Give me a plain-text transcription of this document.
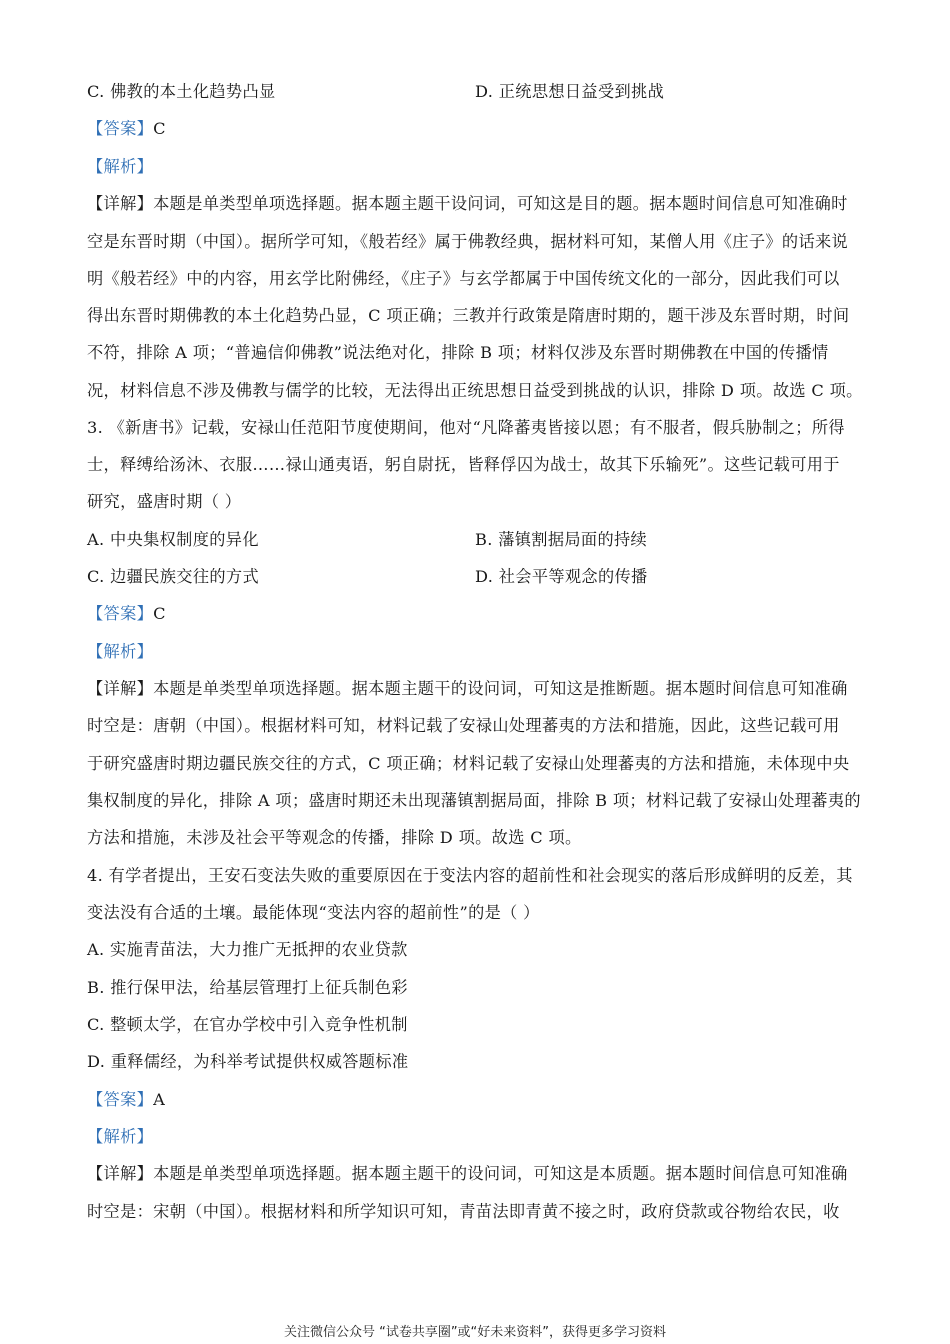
C. 佛教的本土化趋势凸显	D. 正统思想日益受到挑战
【答案】C
【解析】
【详解】本题是单类型单项选择题。据本题主题干设问词，可知这是目的题。据本题时间信息可知准确时
空是东晋时期（中国）。据所学可知，《般若经》属于佛教经典，据材料可知，某僧人用《庄子》的话来说
明《般若经》中的内容，用玄学比附佛经，《庄子》与玄学都属于中国传统文化的一部分，因此我们可以
得出东晋时期佛教的本土化趋势凸显，C 项正确；三教并行政策是隋唐时期的，题干涉及东晋时期，时间
不符，排除 A 项；“普遍信仰佛教”说法绝对化，排除 B 项；材料仅涉及东晋时期佛教在中国的传播情
况，材料信息不涉及佛教与儒学的比较，无法得出正统思想日益受到挑战的认识，排除 D 项。故选 C 项。
3. 《新唐书》记载，安禄山任范阳节度使期间，他对“凡降蕃夷皆接以恩；有不服者，假兵胁制之；所得
士，释缚给汤沐、衣服……禄山通夷语，躬自尉抚，皆释俘囚为战士，故其下乐输死”。这些记载可用于
研究，盛唐时期（ ）
A. 中央集权制度的异化	B. 藩镇割据局面的持续
C. 边疆民族交往的方式	D. 社会平等观念的传播
【答案】C
【解析】
【详解】本题是单类型单项选择题。据本题主题干的设问词，可知这是推断题。据本题时间信息可知准确
时空是：唐朝（中国）。根据材料可知，材料记载了安禄山处理蕃夷的方法和措施，因此，这些记载可用
于研究盛唐时期边疆民族交往的方式，C 项正确；材料记载了安禄山处理蕃夷的方法和措施，未体现中央
集权制度的异化，排除 A 项；盛唐时期还未出现藩镇割据局面，排除 B 项；材料记载了安禄山处理蕃夷的
方法和措施，未涉及社会平等观念的传播，排除 D 项。故选 C 项。
4. 有学者提出，王安石变法失败的重要原因在于变法内容的超前性和社会现实的落后形成鲜明的反差，其
变法没有合适的土壤。最能体现“变法内容的超前性”的是（ ）
A. 实施青苗法，大力推广无抵押的农业贷款
B. 推行保甲法，给基层管理打上征兵制色彩
C. 整顿太学，在官办学校中引入竞争性机制
D. 重释儒经，为科举考试提供权威答题标准
【答案】A
【解析】
【详解】本题是单类型单项选择题。据本题主题干的设问词，可知这是本质题。据本题时间信息可知准确
时空是：宋朝（中国）。根据材料和所学知识可知，青苗法即青黄不接之时，政府贷款或谷物给农民，收
关注微信公众号 “试卷共享圈”或“好未来资料”，获得更多学习资料
